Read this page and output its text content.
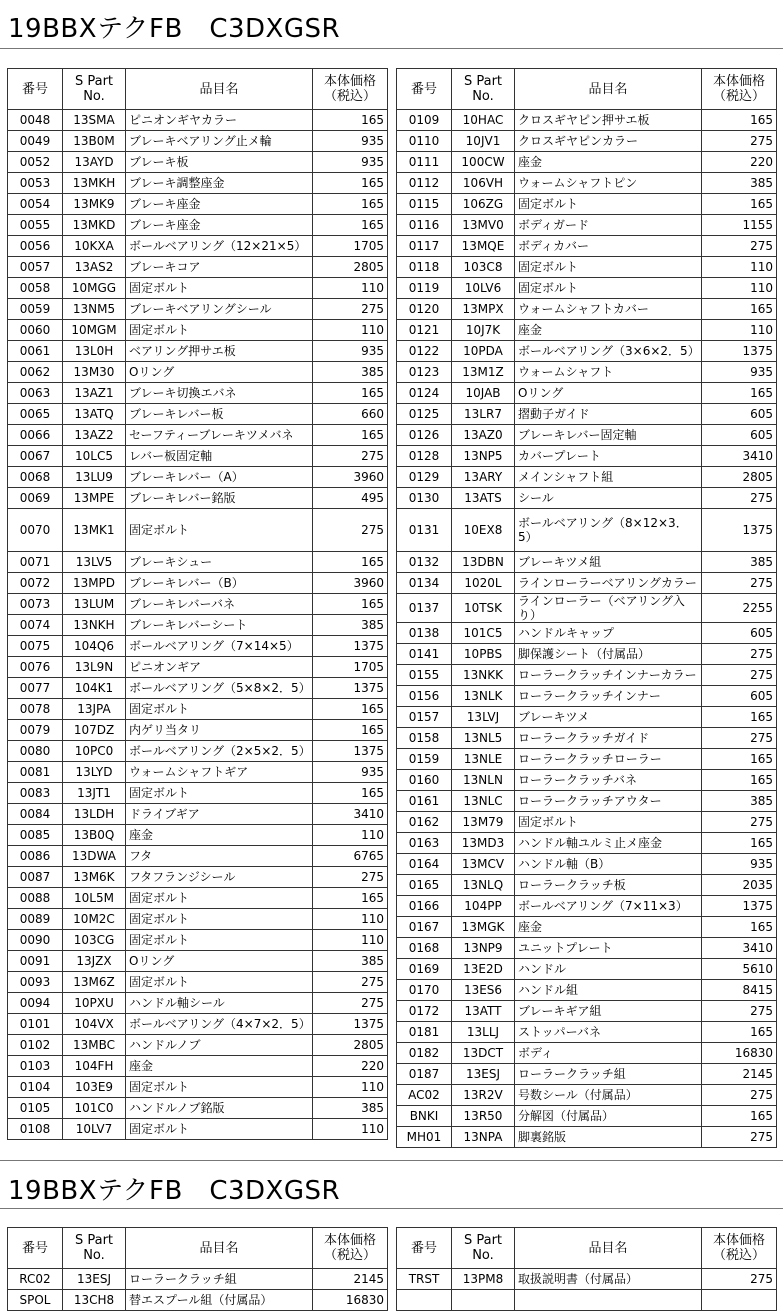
19BBXテクFB　C3DXGSR
番号	S Part
No.	品目名	本体価格
（税込）
0048	13SMA	ピニオンギヤカラー	165
0049	13B0M	ブレーキベアリング止メ輪	935
0052	13AYD	ブレーキ板	935
0053	13MKH	ブレーキ調整座金	165
0054	13MK9	ブレーキ座金	165
0055	13MKD	ブレーキ座金	165
0056	10KXA	ボールベアリング（12×21×5）	1705
0057	13AS2	ブレーキコア	2805
0058	10MGG	固定ボルト	110
0059	13NM5	ブレーキベアリングシール	275
0060	10MGM	固定ボルト	110
0061	13L0H	ベアリング押サエ板	935
0062	13M30	Oリング	385
0063	13AZ1	ブレーキ切換エバネ	165
0065	13ATQ	ブレーキレバー板	660
0066	13AZ2	セーフティーブレーキツメバネ	165
0067	10LC5	レバー板固定軸	275
0068	13LU9	ブレーキレバー（A）	3960
0069	13MPE	ブレーキレバー銘版	495
0070	13MK1	固定ボルト	275
0071	13LV5	ブレーキシュー	165
0072	13MPD	ブレーキレバー（B）	3960
0073	13LUM	ブレーキレバーバネ	165
0074	13NKH	ブレーキレバーシート	385
0075	104Q6	ボールベアリング（7×14×5）	1375
0076	13L9N	ピニオンギア	1705
0077	104K1	ボールベアリング（5×8×2．5）	1375
0078	13JPA	固定ボルト	165
0079	107DZ	内ゲリ当タリ	165
0080	10PC0	ボールベアリング（2×5×2．5）	1375
0081	13LYD	ウォームシャフトギア	935
0083	13JT1	固定ボルト	165
0084	13LDH	ドライブギア	3410
0085	13B0Q	座金	110
0086	13DWA	フタ	6765
0087	13M6K	フタフランジシール	275
0088	10L5M	固定ボルト	165
0089	10M2C	固定ボルト	110
0090	103CG	固定ボルト	110
0091	13JZX	Oリング	385
0093	13M6Z	固定ボルト	275
0094	10PXU	ハンドル軸シール	275
0101	104VX	ボールベアリング（4×7×2．5）	1375
0102	13MBC	ハンドルノブ	2805
0103	104FH	座金	220
0104	103E9	固定ボルト	110
0105	101C0	ハンドルノブ銘版	385
0108	10LV7	固定ボルト	110
番号	S Part
No.	品目名	本体価格
（税込）
0109	10HAC	クロスギヤピン押サエ板	165
0110	10JV1	クロスギヤピンカラー	275
0111	100CW	座金	220
0112	106VH	ウォームシャフトピン	385
0115	106ZG	固定ボルト	165
0116	13MV0	ボディガード	1155
0117	13MQE	ボディカバー	275
0118	103C8	固定ボルト	110
0119	10LV6	固定ボルト	110
0120	13MPX	ウォームシャフトカバー	165
0121	10J7K	座金	110
0122	10PDA	ボールベアリング（3×6×2．5）	1375
0123	13M1Z	ウォームシャフト	935
0124	10JAB	Oリング	165
0125	13LR7	摺動子ガイド	605
0126	13AZ0	ブレーキレバー固定軸	605
0128	13NP5	カバープレート	3410
0129	13ARY	メインシャフト組	2805
0130	13ATS	シール	275
0131	10EX8	ボールベアリング（8×12×3．5）	1375
0132	13DBN	ブレーキツメ組	385
0134	1020L	ラインローラーベアリングカラー	275
0137	10TSK	ラインローラー（ベアリング入り）	2255
0138	101C5	ハンドルキャップ	605
0141	10PBS	脚保護シート（付属品）	275
0155	13NKK	ローラークラッチインナーカラー	275
0156	13NLK	ローラークラッチインナー	605
0157	13LVJ	ブレーキツメ	165
0158	13NL5	ローラークラッチガイド	275
0159	13NLE	ローラークラッチローラー	165
0160	13NLN	ローラークラッチバネ	165
0161	13NLC	ローラークラッチアウター	385
0162	13M79	固定ボルト	275
0163	13MD3	ハンドル軸ユルミ止メ座金	165
0164	13MCV	ハンドル軸（B）	935
0165	13NLQ	ローラークラッチ板	2035
0166	104PP	ボールベアリング（7×11×3）	1375
0167	13MGK	座金	165
0168	13NP9	ユニットプレート	3410
0169	13E2D	ハンドル	5610
0170	13ES6	ハンドル組	8415
0172	13ATT	ブレーキギア組	275
0181	13LLJ	ストッパーバネ	165
0182	13DCT	ボディ	16830
0187	13ESJ	ローラークラッチ組	2145
AC02	13R2V	号数シール（付属品）	275
BNKI	13R50	分解図（付属品）	165
MH01	13NPA	脚裏銘版	275
19BBXテクFB　C3DXGSR
番号	S Part
No.	品目名	本体価格
（税込）
RC02	13ESJ	ローラークラッチ組	2145
SPOL	13CH8	替エスプール組（付属品）	16830
番号	S Part
No.	品目名	本体価格
（税込）
TRST	13PM8	取扱説明書（付属品）	275
